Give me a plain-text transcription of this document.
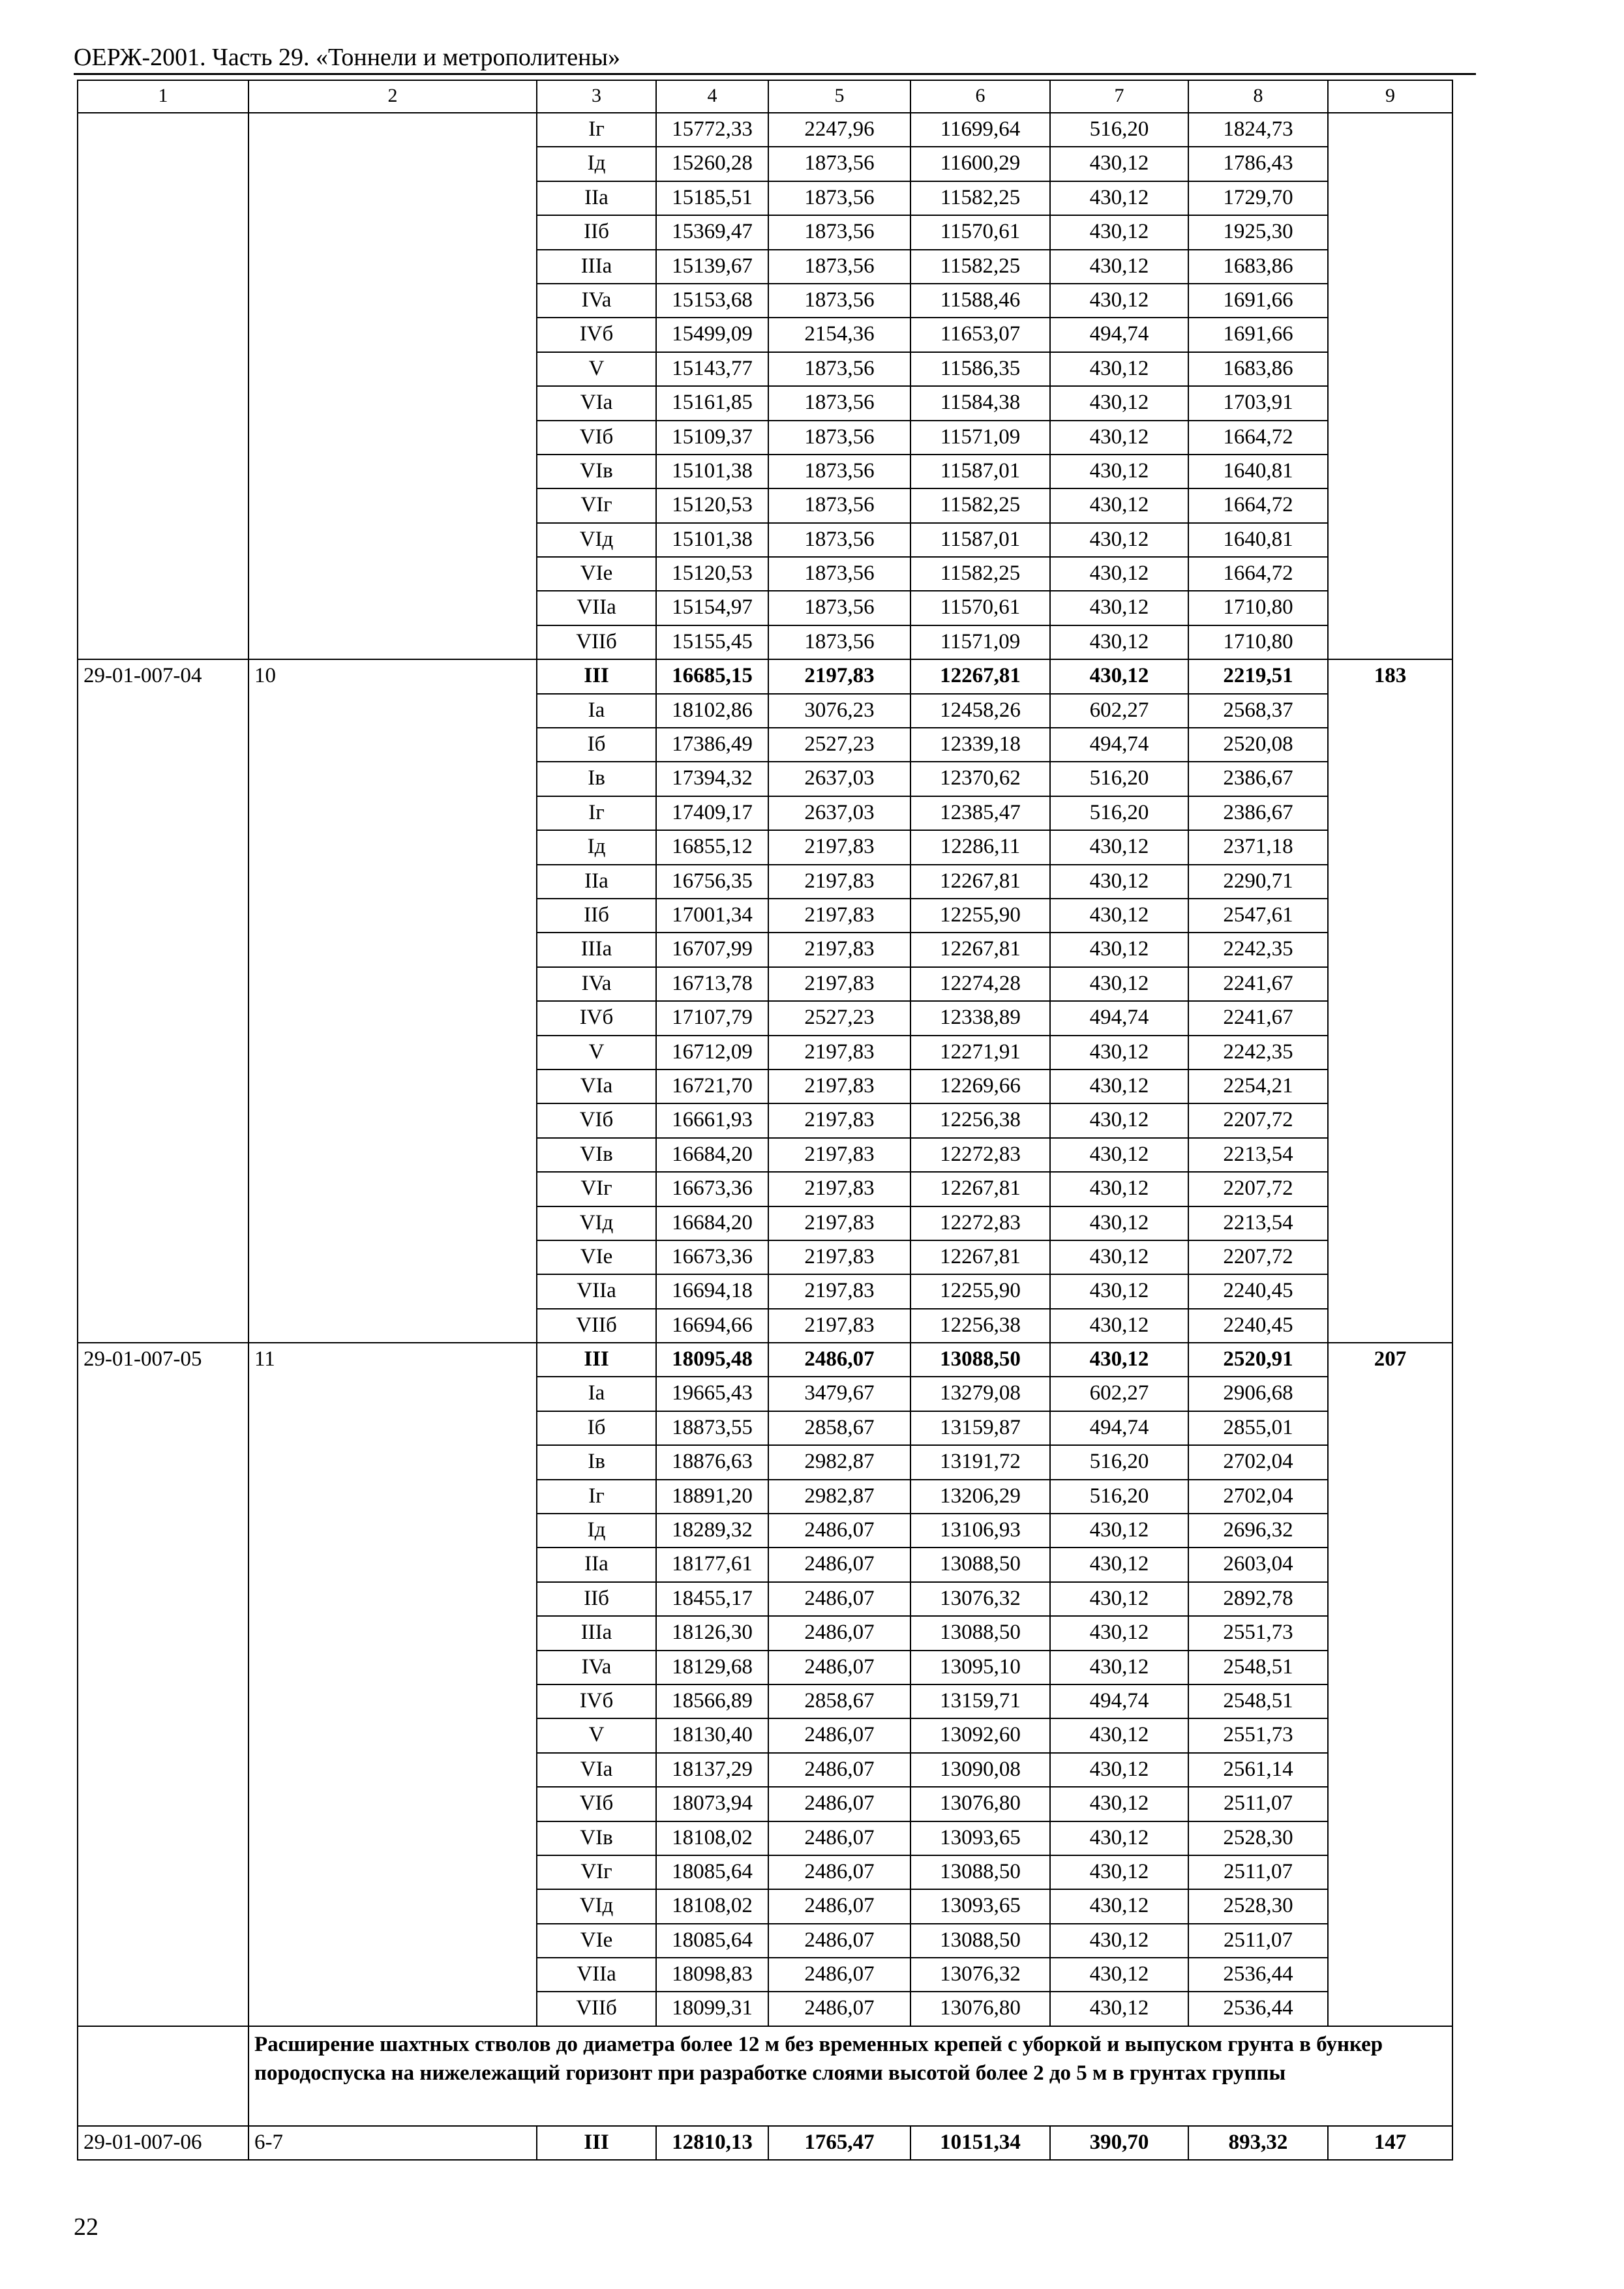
ОЕРЖ-2001. Часть 29. «Тоннели и метрополитены»
1	2	3	4	5	6	7	8	9
		Iг	15772,33	2247,96	11699,64	516,20	1824,73	
		Iд	15260,28	1873,56	11600,29	430,12	1786,43	
		IIa	15185,51	1873,56	11582,25	430,12	1729,70	
		IIб	15369,47	1873,56	11570,61	430,12	1925,30	
		IIIa	15139,67	1873,56	11582,25	430,12	1683,86	
		IVa	15153,68	1873,56	11588,46	430,12	1691,66	
		IVб	15499,09	2154,36	11653,07	494,74	1691,66	
		V	15143,77	1873,56	11586,35	430,12	1683,86	
		VIa	15161,85	1873,56	11584,38	430,12	1703,91	
		VIб	15109,37	1873,56	11571,09	430,12	1664,72	
		VIв	15101,38	1873,56	11587,01	430,12	1640,81	
		VIг	15120,53	1873,56	11582,25	430,12	1664,72	
		VIд	15101,38	1873,56	11587,01	430,12	1640,81	
		VIe	15120,53	1873,56	11582,25	430,12	1664,72	
		VIIa	15154,97	1873,56	11570,61	430,12	1710,80	
		VIIб	15155,45	1873,56	11571,09	430,12	1710,80	
29-01-007-04	10	III	16685,15	2197,83	12267,81	430,12	2219,51	183
		Ia	18102,86	3076,23	12458,26	602,27	2568,37	
		Iб	17386,49	2527,23	12339,18	494,74	2520,08	
		Iв	17394,32	2637,03	12370,62	516,20	2386,67	
		Iг	17409,17	2637,03	12385,47	516,20	2386,67	
		Iд	16855,12	2197,83	12286,11	430,12	2371,18	
		IIa	16756,35	2197,83	12267,81	430,12	2290,71	
		IIб	17001,34	2197,83	12255,90	430,12	2547,61	
		IIIa	16707,99	2197,83	12267,81	430,12	2242,35	
		IVa	16713,78	2197,83	12274,28	430,12	2241,67	
		IVб	17107,79	2527,23	12338,89	494,74	2241,67	
		V	16712,09	2197,83	12271,91	430,12	2242,35	
		VIa	16721,70	2197,83	12269,66	430,12	2254,21	
		VIб	16661,93	2197,83	12256,38	430,12	2207,72	
		VIв	16684,20	2197,83	12272,83	430,12	2213,54	
		VIг	16673,36	2197,83	12267,81	430,12	2207,72	
		VIд	16684,20	2197,83	12272,83	430,12	2213,54	
		VIe	16673,36	2197,83	12267,81	430,12	2207,72	
		VIIa	16694,18	2197,83	12255,90	430,12	2240,45	
		VIIб	16694,66	2197,83	12256,38	430,12	2240,45	
29-01-007-05	11	III	18095,48	2486,07	13088,50	430,12	2520,91	207
		Ia	19665,43	3479,67	13279,08	602,27	2906,68	
		Iб	18873,55	2858,67	13159,87	494,74	2855,01	
		Iв	18876,63	2982,87	13191,72	516,20	2702,04	
		Iг	18891,20	2982,87	13206,29	516,20	2702,04	
		Iд	18289,32	2486,07	13106,93	430,12	2696,32	
		IIa	18177,61	2486,07	13088,50	430,12	2603,04	
		IIб	18455,17	2486,07	13076,32	430,12	2892,78	
		IIIa	18126,30	2486,07	13088,50	430,12	2551,73	
		IVa	18129,68	2486,07	13095,10	430,12	2548,51	
		IVб	18566,89	2858,67	13159,71	494,74	2548,51	
		V	18130,40	2486,07	13092,60	430,12	2551,73	
		VIa	18137,29	2486,07	13090,08	430,12	2561,14	
		VIб	18073,94	2486,07	13076,80	430,12	2511,07	
		VIв	18108,02	2486,07	13093,65	430,12	2528,30	
		VIг	18085,64	2486,07	13088,50	430,12	2511,07	
		VIд	18108,02	2486,07	13093,65	430,12	2528,30	
		VIe	18085,64	2486,07	13088,50	430,12	2511,07	
		VIIa	18098,83	2486,07	13076,32	430,12	2536,44	
		VIIб	18099,31	2486,07	13076,80	430,12	2536,44	
	Расширение шахтных стволов до диаметра более 12 м без временных крепей с уборкой и выпуском грунта в бункер породоспуска на нижележащий горизонт при разработке слоями высотой более 2 до 5 м в грунтах группы							
29-01-007-06	6-7	III	12810,13	1765,47	10151,34	390,70	893,32	147
22
